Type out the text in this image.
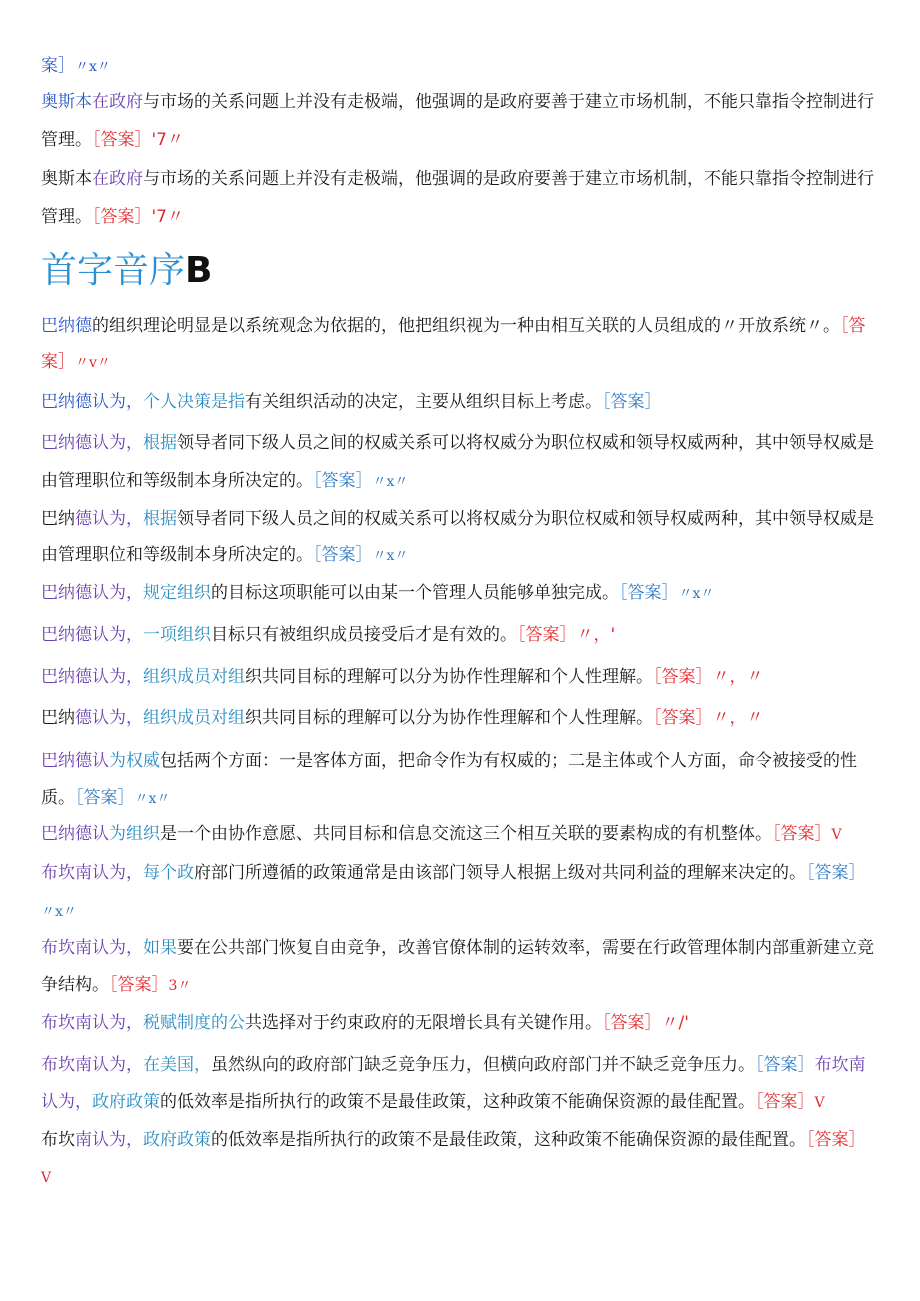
首字音序B
案］〃x〃
奥斯本在政府与市场的关系问题上并没有走极端，他强调的是政府要善于建立市场机制，不能只靠指令控制进行
管理。［答案］'7〃
奥斯本在政府与市场的关系问题上并没有走极端，他强调的是政府要善于建立市场机制，不能只靠指令控制进行
管理。［答案］'7〃
巴纳德的组织理论明显是以系统观念为依据的，他把组织视为一种由相互关联的人员组成的〃开放系统〃。［答
案］〃v〃
巴纳德认为，个人决策是指有关组织活动的决定，主要从组织目标上考虑。［答案］
巴纳德认为，根据领导者同下级人员之间的权威关系可以将权威分为职位权威和领导权威两种，其中领导权威是
由管理职位和等级制本身所决定的。［答案］〃x〃
巴纳德认为，根据领导者同下级人员之间的权威关系可以将权威分为职位权威和领导权威两种，其中领导权威是
由管理职位和等级制本身所决定的。［答案］〃x〃
巴纳德认为，规定组织的目标这项职能可以由某一个管理人员能够单独完成。［答案］〃x〃
巴纳德认为，一项组织目标只有被组织成员接受后才是有效的。［答案］〃，'
巴纳德认为，组织成员对组织共同目标的理解可以分为协作性理解和个人性理解。［答案］〃，〃
巴纳德认为，组织成员对组织共同目标的理解可以分为协作性理解和个人性理解。［答案］〃，〃
巴纳德认为权威包括两个方面：一是客体方面，把命令作为有权威的；二是主体或个人方面，命令被接受的性
质。［答案］〃x〃
巴纳德认为组织是一个由协作意愿、共同目标和信息交流这三个相互关联的要素构成的有机整体。［答案］V
布坎南认为，每个政府部门所遵循的政策通常是由该部门领导人根据上级对共同利益的理解来决定的。［答案］
〃x〃
布坎南认为，如果要在公共部门恢复自由竞争，改善官僚体制的运转效率，需要在行政管理体制内部重新建立竞
争结构。［答案］3〃
布坎南认为，税赋制度的公共选择对于约束政府的无限增长具有关键作用。［答案］〃/'
布坎南认为，在美国，虽然纵向的政府部门缺乏竞争压力，但横向政府部门并不缺乏竞争压力。［答案］布坎南
认为，政府政策的低效率是指所执行的政策不是最佳政策，这种政策不能确保资源的最佳配置。［答案］V
布坎南认为，政府政策的低效率是指所执行的政策不是最佳政策，这种政策不能确保资源的最佳配置。［答案］
V
